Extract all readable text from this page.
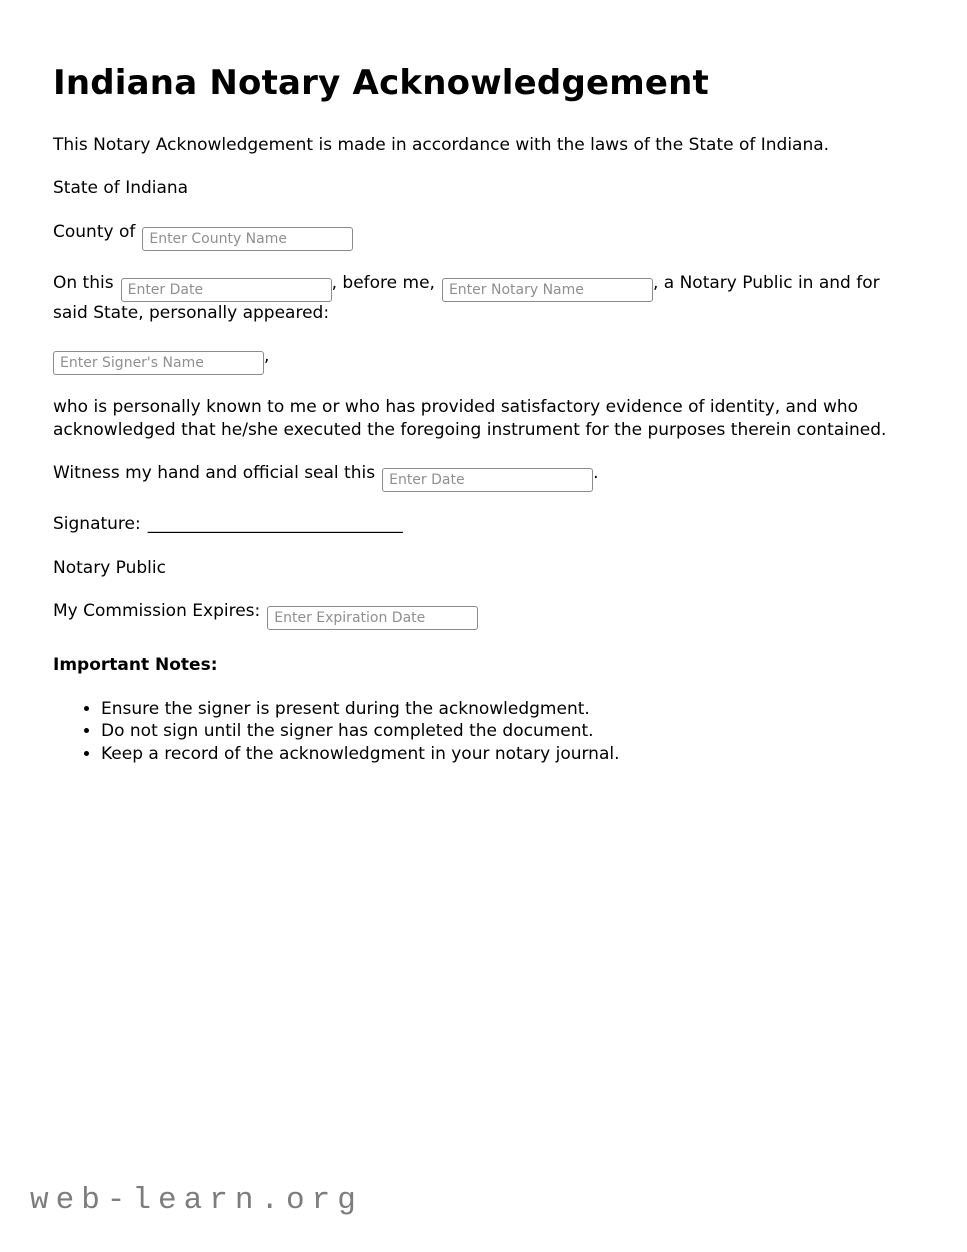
Indiana Notary Acknowledgement

This Notary Acknowledgement is made in accordance with the laws of the State of Indiana.

State of Indiana

County ofEnter County Name

On thisEnter Date	, before me,Enter Notary Name	, a Notary Public in and for said State, personally appeared:

Enter Signer's Name,

who is personally known to me or who has provided satisfactory evidence of identity, and who acknowledged that he/she executed the foregoing instrument for the purposes therein contained.

Witness my hand and official seal thisEnter Date	.

Signature: ______________________________

Notary Public

My Commission Expires:Enter Expiration Date

Important Notes:

• Ensure the signer is present during the acknowledgment.
• Do not sign until the signer has completed the document.
• Keep a record of the acknowledgment in your notary journal.
web-learn.org
